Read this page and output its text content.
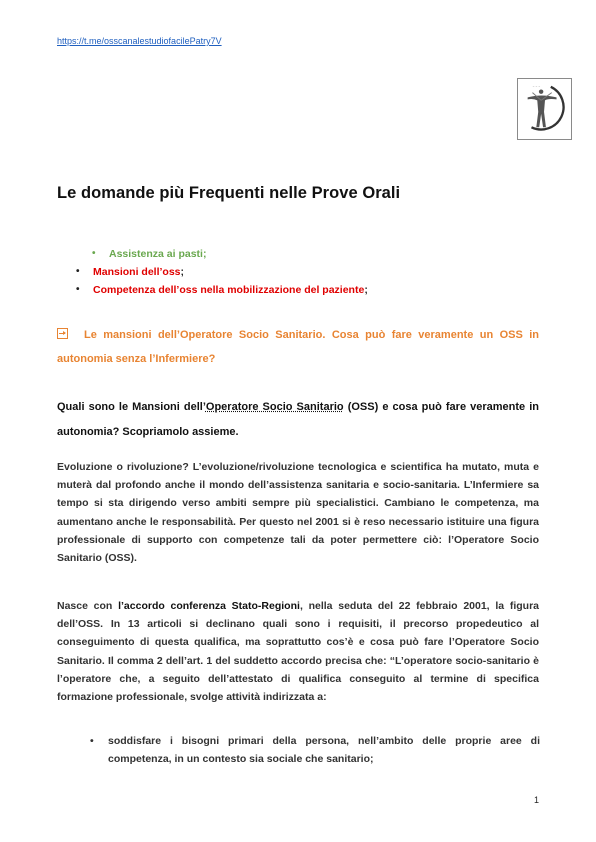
https://t.me/osscanalestudiofacilePatry7V
~ ~ ~
Le domande più Frequenti nelle Prove Orali
• Assistenza ai pasti;
• Mansioni dell’oss;
• Competenza dell’oss nella mobilizzazione del paziente;
Le mansioni dell’Operatore Socio Sanitario. Cosa può fare veramente un OSS in
autonomia senza l’Infermiere?

Quali sono le Mansioni dell’Operatore Socio Sanitario (OSS) e cosa può fare veramente in autonomia? Scopriamolo assieme.

Evoluzione o rivoluzione? L’evoluzione/rivoluzione tecnologica e scientifica ha mutato, muta e muterà dal profondo anche il mondo dell’assistenza sanitaria e socio-sanitaria. L’Infermiere sa tempo si sta dirigendo verso ambiti sempre più specialistici. Cambiano le competenza, ma aumentano anche le responsabilità. Per questo nel 2001 si è reso necessario istituire una figura professionale di supporto con competenze tali da poter permettere ciò: l’Operatore Socio Sanitario (OSS).

Nasce con l’accordo conferenza Stato-Regioni, nella seduta del 22 febbraio 2001, la figura dell’OSS. In 13 articoli si declinano quali sono i requisiti, il precorso propedeutico al conseguimento di questa qualifica, ma soprattutto cos’è e cosa può fare l’Operatore Socio Sanitario. Il comma 2 dell’art. 1 del suddetto accordo precisa che: “L’operatore socio-sanitario è l’operatore che, a seguito dell’attestato di qualifica conseguito al termine di specifica formazione professionale, svolge attività indirizzata a:

• soddisfare i bisogni primari della persona, nell’ambito delle proprie aree di competenza, in un contesto sia sociale che sanitario;
1
